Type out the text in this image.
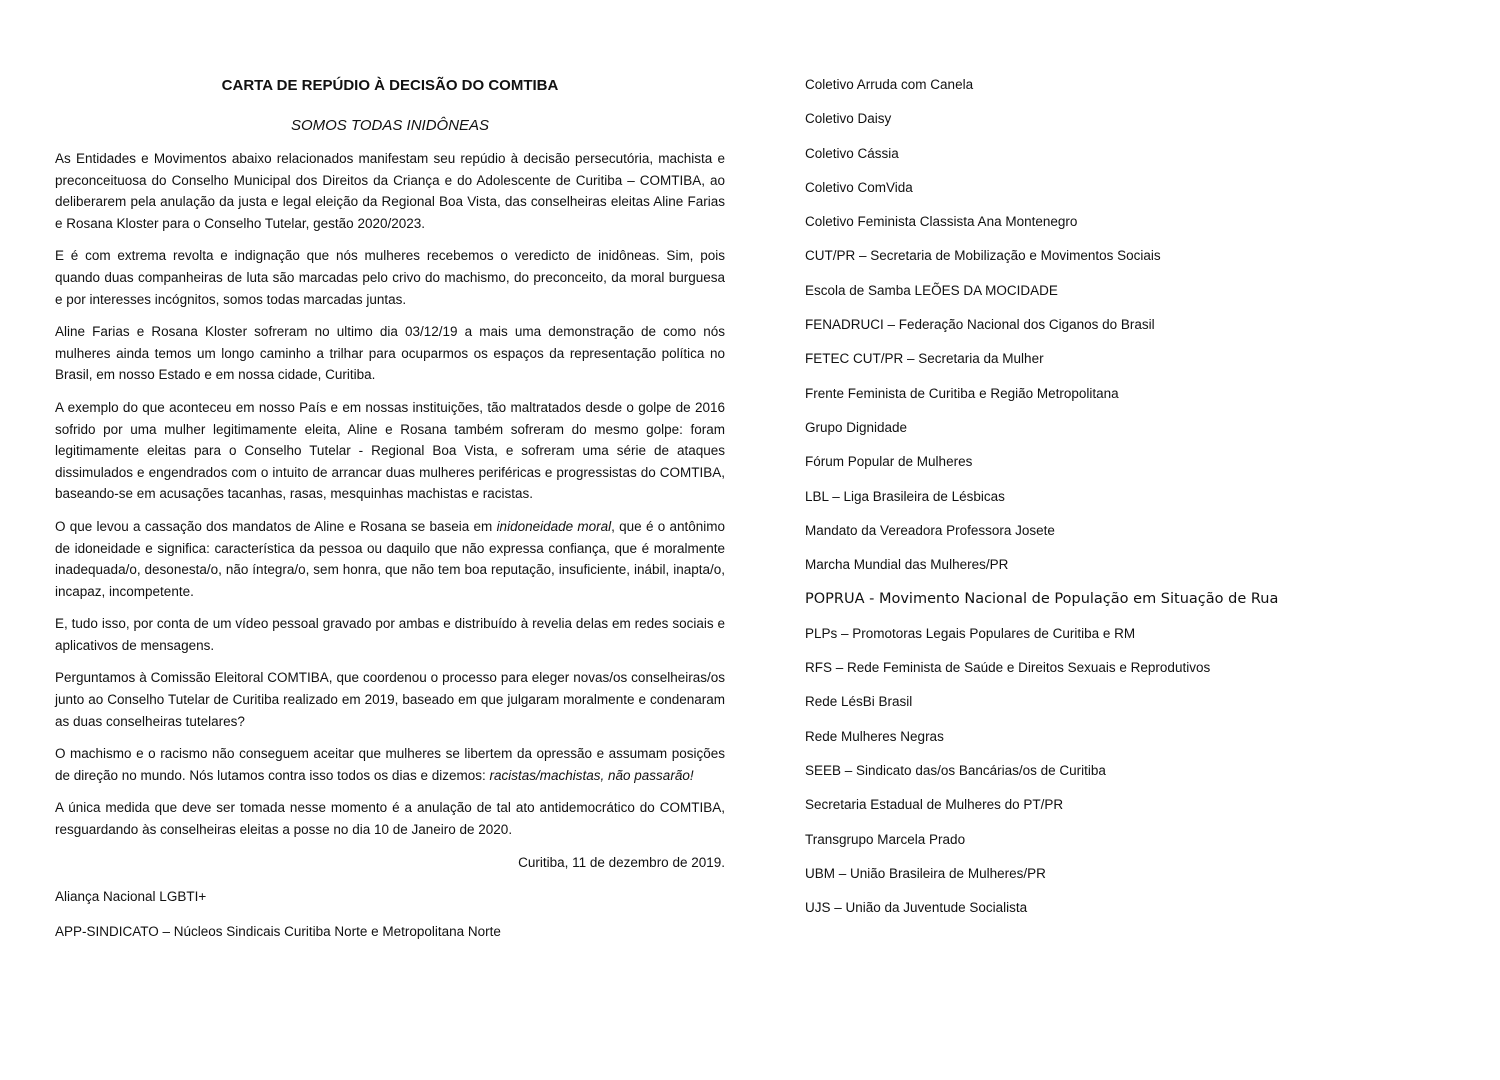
CARTA DE REPÚDIO À DECISÃO DO COMTIBA
SOMOS TODAS INIDÔNEAS

As Entidades e Movimentos abaixo relacionados manifestam seu repúdio à decisão persecutória, machista e preconceituosa do Conselho Municipal dos Direitos da Criança e do Adolescente de Curitiba – COMTIBA, ao deliberarem pela anulação da justa e legal eleição da Regional Boa Vista, das conselheiras eleitas Aline Farias e Rosana Kloster para o Conselho Tutelar, gestão 2020/2023.

E é com extrema revolta e indignação que nós mulheres recebemos o veredicto de inidôneas. Sim, pois quando duas companheiras de luta são marcadas pelo crivo do machismo, do preconceito, da moral burguesa e por interesses incógnitos, somos todas marcadas juntas.

Aline Farias e Rosana Kloster sofreram no ultimo dia 03/12/19 a mais uma demonstração de como nós mulheres ainda temos um longo caminho a trilhar para ocuparmos os espaços da representação política no Brasil, em nosso Estado e em nossa cidade, Curitiba.

A exemplo do que aconteceu em nosso País e em nossas instituições, tão maltratados desde o golpe de 2016 sofrido por uma mulher legitimamente eleita, Aline e Rosana também sofreram do mesmo golpe: foram legitimamente eleitas para o Conselho Tutelar - Regional Boa Vista, e sofreram uma série de ataques dissimulados e engendrados com o intuito de arrancar duas mulheres periféricas e progressistas do COMTIBA, baseando-se em acusações tacanhas, rasas, mesquinhas machistas e racistas.

O que levou a cassação dos mandatos de Aline e Rosana se baseia em inidoneidade moral, que é o antônimo de idoneidade e significa: característica da pessoa ou daquilo que não expressa confiança, que é moralmente inadequada/o, desonesta/o, não íntegra/o, sem honra, que não tem boa reputação, insuficiente, inábil, inapta/o, incapaz, incompetente.

E, tudo isso, por conta de um vídeo pessoal gravado por ambas e distribuído à revelia delas em redes sociais e aplicativos de mensagens.

Perguntamos à Comissão Eleitoral COMTIBA, que coordenou o processo para eleger novas/os conselheiras/os junto ao Conselho Tutelar de Curitiba realizado em 2019, baseado em que julgaram moralmente e condenaram as duas conselheiras tutelares?

O machismo e o racismo não conseguem aceitar que mulheres se libertem da opressão e assumam posições de direção no mundo. Nós lutamos contra isso todos os dias e dizemos: racistas/machistas, não passarão!

A única medida que deve ser tomada nesse momento é a anulação de tal ato antidemocrático do COMTIBA, resguardando às conselheiras eleitas a posse no dia 10 de Janeiro de 2020.

Curitiba, 11 de dezembro de 2019.
Aliança Nacional LGBTI+
APP-SINDICATO – Núcleos Sindicais Curitiba Norte e Metropolitana Norte
Coletivo Arruda com Canela
Coletivo Daisy
Coletivo Cássia
Coletivo ComVida
Coletivo Feminista Classista Ana Montenegro
CUT/PR – Secretaria de Mobilização e Movimentos Sociais
Escola de Samba LEÕES DA MOCIDADE
FENADRUCI – Federação Nacional dos Ciganos do Brasil
FETEC CUT/PR – Secretaria da Mulher
Frente Feminista de Curitiba e Região Metropolitana
Grupo Dignidade
Fórum Popular de Mulheres
LBL – Liga Brasileira de Lésbicas
Mandato da Vereadora Professora Josete
Marcha Mundial das Mulheres/PR
POPRUA - Movimento Nacional de População em Situação de Rua
PLPs – Promotoras Legais Populares de Curitiba e RM
RFS – Rede Feminista de Saúde e Direitos Sexuais e Reprodutivos
Rede LésBi Brasil
Rede Mulheres Negras
SEEB – Sindicato das/os Bancárias/os de Curitiba
Secretaria Estadual de Mulheres do PT/PR
Transgrupo Marcela Prado
UBM – União Brasileira de Mulheres/PR
UJS – União da Juventude Socialista
